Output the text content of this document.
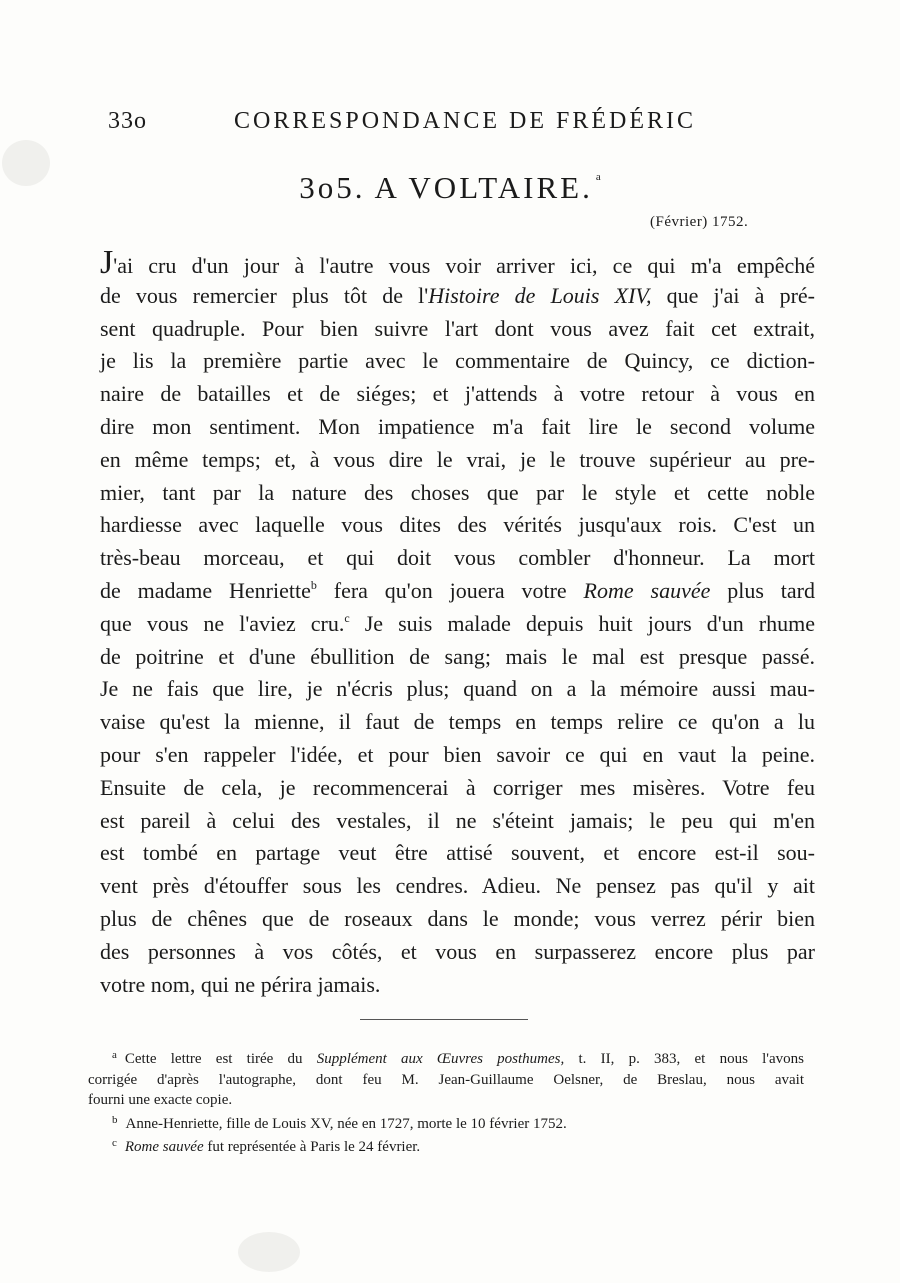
33o	CORRESPONDANCE DE FRÉDÉRIC
3o5. A VOLTAIRE. $^a$
(Février) 1752.
J'ai cru d'un jour à l'autre vous voir arriver ici, ce qui m'a empêché
de vous remercier plus tôt de l'Histoire de Louis XIV, que j'ai à pré-
sent quadruple. Pour bien suivre l'art dont vous avez fait cet extrait,
je lis la première partie avec le commentaire de Quincy, ce diction-
naire de batailles et de siéges; et j'attends à votre retour à vous en
dire mon sentiment. Mon impatience m'a fait lire le second volume
en même temps; et, à vous dire le vrai, je le trouve supérieur au pre-
mier, tant par la nature des choses que par le style et cette noble
hardiesse avec laquelle vous dites des vérités jusqu'aux rois. C'est un
très-beau morceau, et qui doit vous combler d'honneur. La mort
de madame Henriette$^b$ fera qu'on jouera votre Rome sauvée plus tard
que vous ne l'aviez cru.$^c$ Je suis malade depuis huit jours d'un rhume
de poitrine et d'une ébullition de sang; mais le mal est presque passé.
Je ne fais que lire, je n'écris plus; quand on a la mémoire aussi mau-
vaise qu'est la mienne, il faut de temps en temps relire ce qu'on a lu
pour s'en rappeler l'idée, et pour bien savoir ce qui en vaut la peine.
Ensuite de cela, je recommencerai à corriger mes misères. Votre feu
est pareil à celui des vestales, il ne s'éteint jamais; le peu qui m'en
est tombé en partage veut être attisé souvent, et encore est-il sou-
vent près d'étouffer sous les cendres. Adieu. Ne pensez pas qu'il y ait
plus de chênes que de roseaux dans le monde; vous verrez périr bien
des personnes à vos côtés, et vous en surpasserez encore plus par
votre nom, qui ne périra jamais.
$^a$ Cette lettre est tirée du Supplément aux Œuvres posthumes, t. II, p. 383, et nous l'avons
corrigée d'après l'autographe, dont feu M. Jean-Guillaume Oelsner, de Breslau, nous avait
fourni une exacte copie.
$^b$ Anne-Henriette, fille de Louis XV, née en 1727, morte le 10 février 1752.
$^c$ Rome sauvée fut représentée à Paris le 24 février.
